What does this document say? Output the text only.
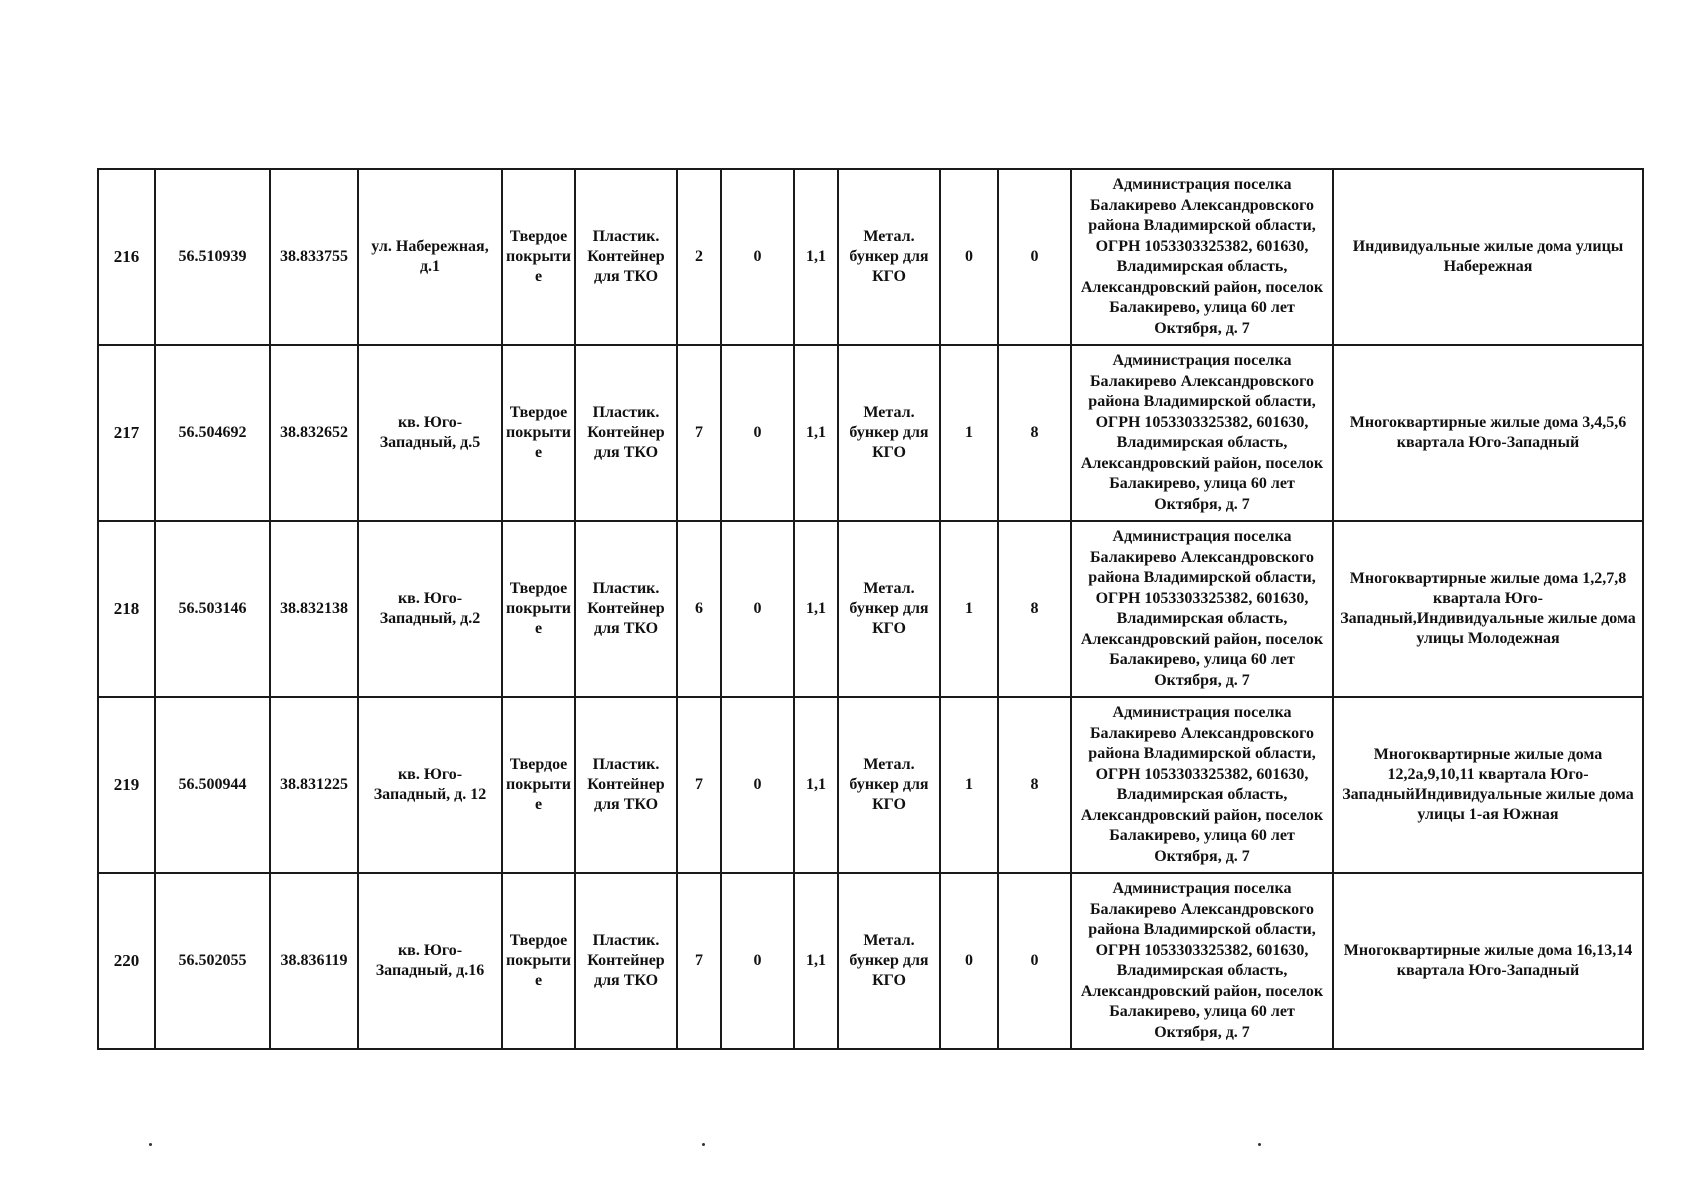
216	56.510939	38.833755	ул. Набережная, д.1	Твердое покрытие	Пластик. Контейнер для ТКО	2	0	1,1	Метал. бункер для КГО	0	0	Администрация поселка Балакирево Александровского района Владимирской области, ОГРН 1053303325382, 601630, Владимирская область, Александровский район, поселок Балакирево, улица 60 лет Октября, д. 7	Индивидуальные жилые дома улицы Набережная
217	56.504692	38.832652	кв. Юго-Западный, д.5	Твердое покрытие	Пластик. Контейнер для ТКО	7	0	1,1	Метал. бункер для КГО	1	8	Администрация поселка Балакирево Александровского района Владимирской области, ОГРН 1053303325382, 601630, Владимирская область, Александровский район, поселок Балакирево, улица 60 лет Октября, д. 7	Многоквартирные жилые дома 3,4,5,6 квартала Юго-Западный
218	56.503146	38.832138	кв. Юго-Западный, д.2	Твердое покрытие	Пластик. Контейнер для ТКО	6	0	1,1	Метал. бункер для КГО	1	8	Администрация поселка Балакирево Александровского района Владимирской области, ОГРН 1053303325382, 601630, Владимирская область, Александровский район, поселок Балакирево, улица 60 лет Октября, д. 7	Многоквартирные жилые дома 1,2,7,8 квартала Юго-Западный,Индивидуальные жилые дома улицы Молодежная
219	56.500944	38.831225	кв. Юго-Западный, д. 12	Твердое покрытие	Пластик. Контейнер для ТКО	7	0	1,1	Метал. бункер для КГО	1	8	Администрация поселка Балакирево Александровского района Владимирской области, ОГРН 1053303325382, 601630, Владимирская область, Александровский район, поселок Балакирево, улица 60 лет Октября, д. 7	Многоквартирные жилые дома 12,2а,9,10,11 квартала Юго-ЗападныйИндивидуальные жилые дома улицы 1-ая Южная
220	56.502055	38.836119	кв. Юго-Западный, д.16	Твердое покрытие	Пластик. Контейнер для ТКО	7	0	1,1	Метал. бункер для КГО	0	0	Администрация поселка Балакирево Александровского района Владимирской области, ОГРН 1053303325382, 601630, Владимирская область, Александровский район, поселок Балакирево, улица 60 лет Октября, д. 7	Многоквартирные жилые дома 16,13,14 квартала Юго-Западный
